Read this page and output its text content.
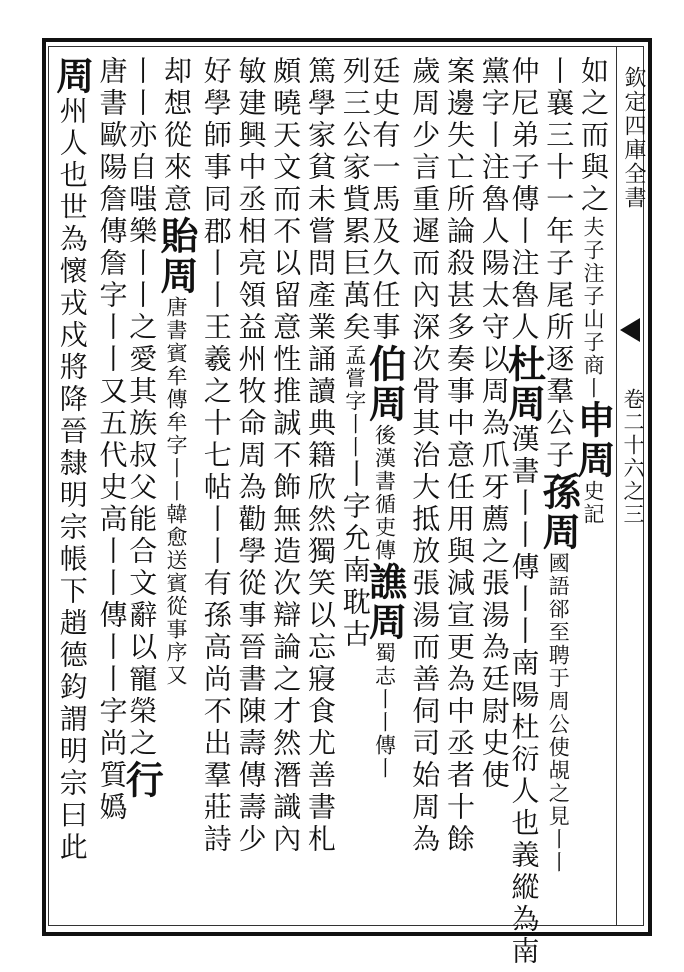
欽定四庫全書
卷二十六之三
如之而與之夫子注子山子商丨申周史記
丨襄三十一年子尾所逐羣公子孫周國語郤至聘于周公使覘之見丨丨
仲尼弟子傳丨注魯人杜周漢書丨丨傳丨丨南陽杜衍人也義縱為南
黨字丨注魯人陽太守以周為爪牙薦之張湯為廷尉史使
案邊失亡所論殺甚多奏事中意任用與減宣更為中丞者十餘
歲周少言重遲而內深次骨其治大抵放張湯而善伺司始周為
廷史有一馬及久任事伯周後漢書循吏傳譙周蜀志丨丨傳丨
列三公家貲累巨萬矣孟嘗字丨丨丨字允南耽古
篤學家貧未嘗問產業誦讀典籍欣然獨笑以忘寢食尤善書札
頗曉天文而不以留意性推誠不飾無造次辯論之才然潛識內
敏建興中丞相亮領益州牧命周為勸學從事晉書陳壽傳壽少
好學師事同郡丨丨王羲之十七帖丨丨有孫高尚不出羣莊詩
却想從來意貽周唐書賓牟傳牟字丨丨韓愈送賓從事序又
丨丨亦自嗤樂丨丨之愛其族叔父能合文辭以寵榮之行
唐書歐陽詹傳詹字丨丨又五代史高丨丨傳丨丨字尚質嬀
周州人也世為懷戎戍將降晉隸明宗帳下趙德鈞謂明宗曰此
